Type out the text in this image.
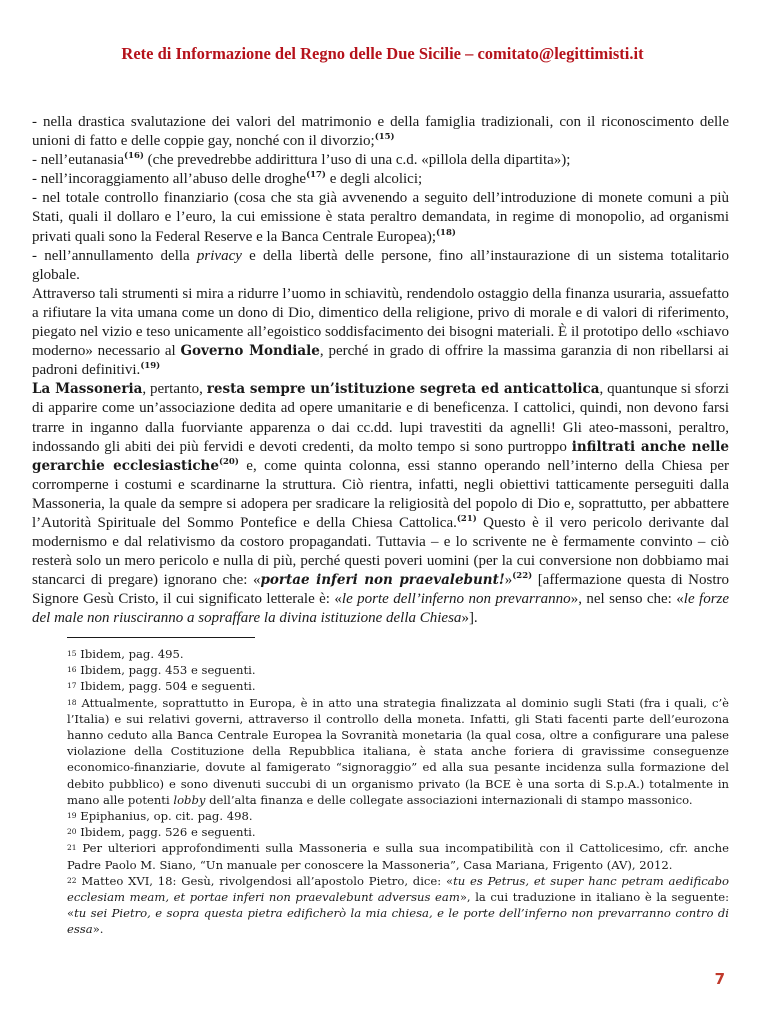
Rete di Informazione del Regno delle Due Sicilie – comitato@legittimisti.it

- nella drastica svalutazione dei valori del matrimonio e della famiglia tradizionali, con il riconoscimento delle unioni di fatto e delle coppie gay, nonché con il divorzio;$^{(15)}$

- nell’eutanasia$^{(16)}$ (che prevedrebbe addirittura l’uso di una c.d. «pillola della dipartita»);

- nell’incoraggiamento all’abuso delle droghe$^{(17)}$ e degli alcolici;

- nel totale controllo finanziario (cosa che sta già avvenendo a seguito dell’introduzione di monete comuni a più Stati, quali il dollaro e l’euro, la cui emissione è stata peraltro demandata, in regime di monopolio, ad organismi privati quali sono la Federal Reserve e la Banca Centrale Europea);$^{(18)}$

- nell’annullamento della privacy e della libertà delle persone, fino all’instaurazione di un sistema totalitario globale.

Attraverso tali strumenti si mira a ridurre l’uomo in schiavitù, rendendolo ostaggio della finanza usuraria, assuefatto a rifiutare la vita umana come un dono di Dio, dimentico della religione, privo di morale e di valori di riferimento, piegato nel vizio e teso unicamente all’egoistico soddisfacimento dei bisogni materiali. È il prototipo dello «schiavo moderno» necessario al Governo Mondiale, perché in grado di offrire la massima garanzia di non ribellarsi ai padroni definitivi.$^{(19)}$

La Massoneria, pertanto, resta sempre un’istituzione segreta ed anticattolica, quantunque si sforzi di apparire come un’associazione dedita ad opere umanitarie e di beneficenza. I cattolici, quindi, non devono farsi trarre in inganno dalla fuorviante apparenza o dai cc.dd. lupi travestiti da agnelli! Gli ateo-massoni, peraltro, indossando gli abiti dei più fervidi e devoti credenti, da molto tempo si sono purtroppo infiltrati anche nelle gerarchie ecclesiastiche$^{(20)}$ e, come quinta colonna, essi stanno operando nell’interno della Chiesa per corromperne i costumi e scardinarne la struttura. Ciò rientra, infatti, negli obiettivi tatticamente perseguiti dalla Massoneria, la quale da sempre si adopera per sradicare la religiosità del popolo di Dio e, soprattutto, per abbattere l’Autorità Spirituale del Sommo Pontefice e della Chiesa Cattolica.$^{(21)}$ Questo è il vero pericolo derivante dal modernismo e dal relativismo da costoro propagandati. Tuttavia – e lo scrivente ne è fermamente convinto – ciò resterà solo un mero pericolo e nulla di più, perché questi poveri uomini (per la cui conversione non dobbiamo mai stancarci di pregare) ignorano che: «portae inferi non praevalebunt!»$^{(22)}$ [affermazione questa di Nostro Signore Gesù Cristo, il cui significato letterale è: «le porte dell’inferno non prevarranno», nel senso che: «le forze del male non riusciranno a sopraffare la divina istituzione della Chiesa»].

15 Ibidem, pag. 495.

16 Ibidem, pagg. 453 e seguenti.

17 Ibidem, pagg. 504 e seguenti.

18 Attualmente, soprattutto in Europa, è in atto una strategia finalizzata al dominio sugli Stati (fra i quali, c’è l’Italia) e sui relativi governi, attraverso il controllo della moneta. Infatti, gli Stati facenti parte dell’eurozona hanno ceduto alla Banca Centrale Europea la Sovranità monetaria (la qual cosa, oltre a configurare una palese violazione della Costituzione della Repubblica italiana, è stata anche foriera di gravissime conseguenze economico-finanziarie, dovute al famigerato “signoraggio” ed alla sua pesante incidenza sulla formazione del debito pubblico) e sono divenuti succubi di un organismo privato (la BCE è una sorta di S.p.A.) totalmente in mano alle potenti lobby dell’alta finanza e delle collegate associazioni internazionali di stampo massonico.

19 Epiphanius, op. cit. pag. 498.

20 Ibidem, pagg. 526 e seguenti.

21 Per ulteriori approfondimenti sulla Massoneria e sulla sua incompatibilità con il Cattolicesimo, cfr. anche Padre Paolo M. Siano, “Un manuale per conoscere la Massoneria”, Casa Mariana, Frigento (AV), 2012.

22 Matteo XVI, 18: Gesù, rivolgendosi all’apostolo Pietro, dice: «tu es Petrus, et super hanc petram aedificabo ecclesiam meam, et portae inferi non praevalebunt adversus eam», la cui traduzione in italiano è la seguente: «tu sei Pietro, e sopra questa pietra edificherò la mia chiesa, e le porte dell’inferno non prevarranno contro di essa».

7
